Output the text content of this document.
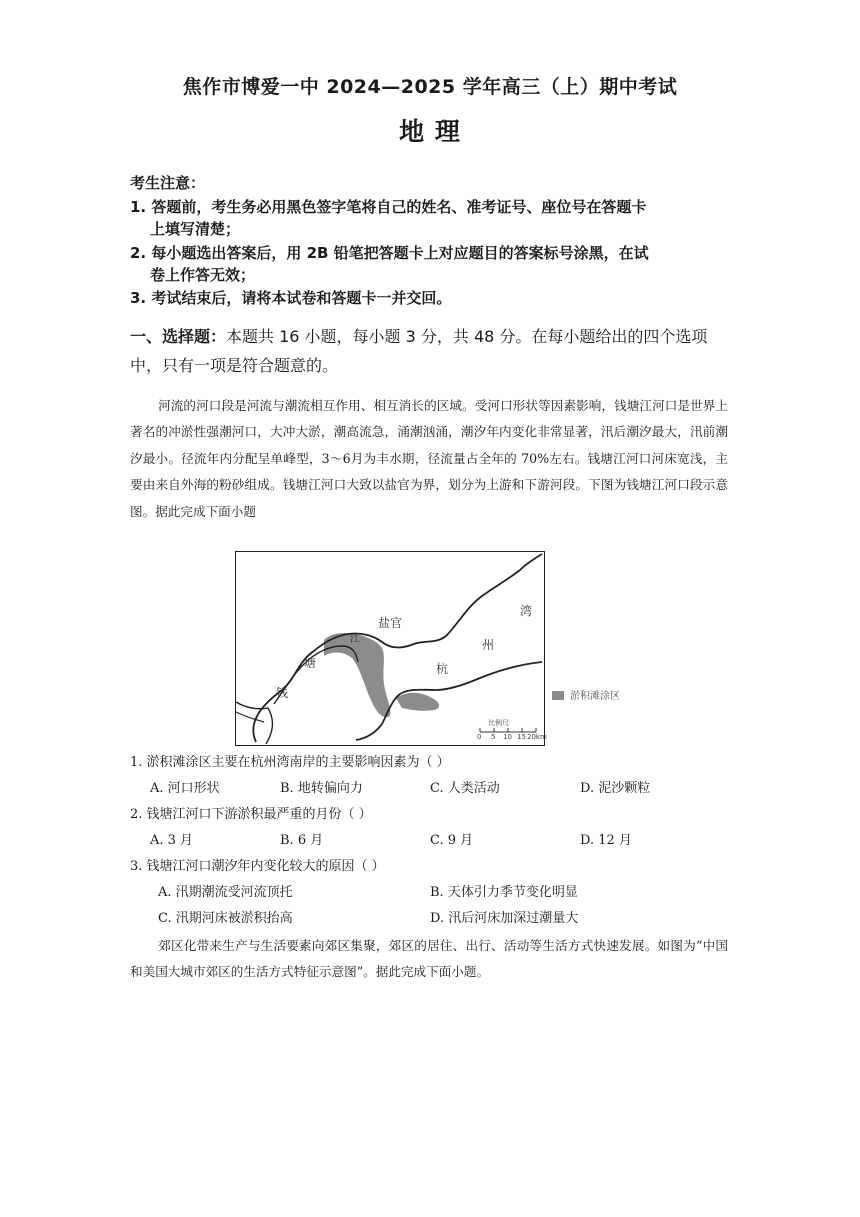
焦作市博爱一中 2024—2025 学年高三（上）期中考试
地 理
考生注意：
1. 答题前，考生务必用黑色签字笔将自己的姓名、准考证号、座位号在答题卡
上填写清楚；
2. 每小题选出答案后，用 2B 铅笔把答题卡上对应题目的答案标号涂黑，在试
卷上作答无效；
3. 考试结束后，请将本试卷和答题卡一并交回。
一、选择题：本题共 16 小题，每小题 3 分，共 48 分。在每小题给出的四个选项中，只有一项是符合题意的。
河流的河口段是河流与潮流相互作用、相互消长的区域。受河口形状等因素影响，钱塘江河口是世界上著名的冲淤性强潮河口，大冲大淤，潮高流急，涌潮汹涌，潮汐年内变化非常显著，汛后潮汐最大，汛前潮汐最小。径流年内分配呈单峰型，3～6月为丰水期，径流量占全年的 70%左右。钱塘江河口河床宽浅，主要由来自外海的粉砂组成。钱塘江河口大致以盐官为界，划分为上游和下游河段。下图为钱塘江河口段示意图。据此完成下面小题
盐官
湾
州
杭
江
塘
钱
比例尺
0 5 10 15 20km
淤积滩涂区
1. 淤积滩涂区主要在杭州湾南岸的主要影响因素为（ ）
A. 河口形状	B. 地转偏向力	C. 人类活动	D. 泥沙颗粒
2. 钱塘江河口下游淤积最严重的月份（ ）
A. 3 月	B. 6 月	C. 9 月	D. 12 月
3. 钱塘江河口潮汐年内变化较大的原因（ ）
A. 汛期潮流受河流顶托	B. 天体引力季节变化明显
C. 汛期河床被淤积抬高	D. 汛后河床加深过潮量大
郊区化带来生产与生活要素向郊区集聚，郊区的居住、出行、活动等生活方式快速发展。如图为“中国和美国大城市郊区的生活方式特征示意图”。据此完成下面小题。
